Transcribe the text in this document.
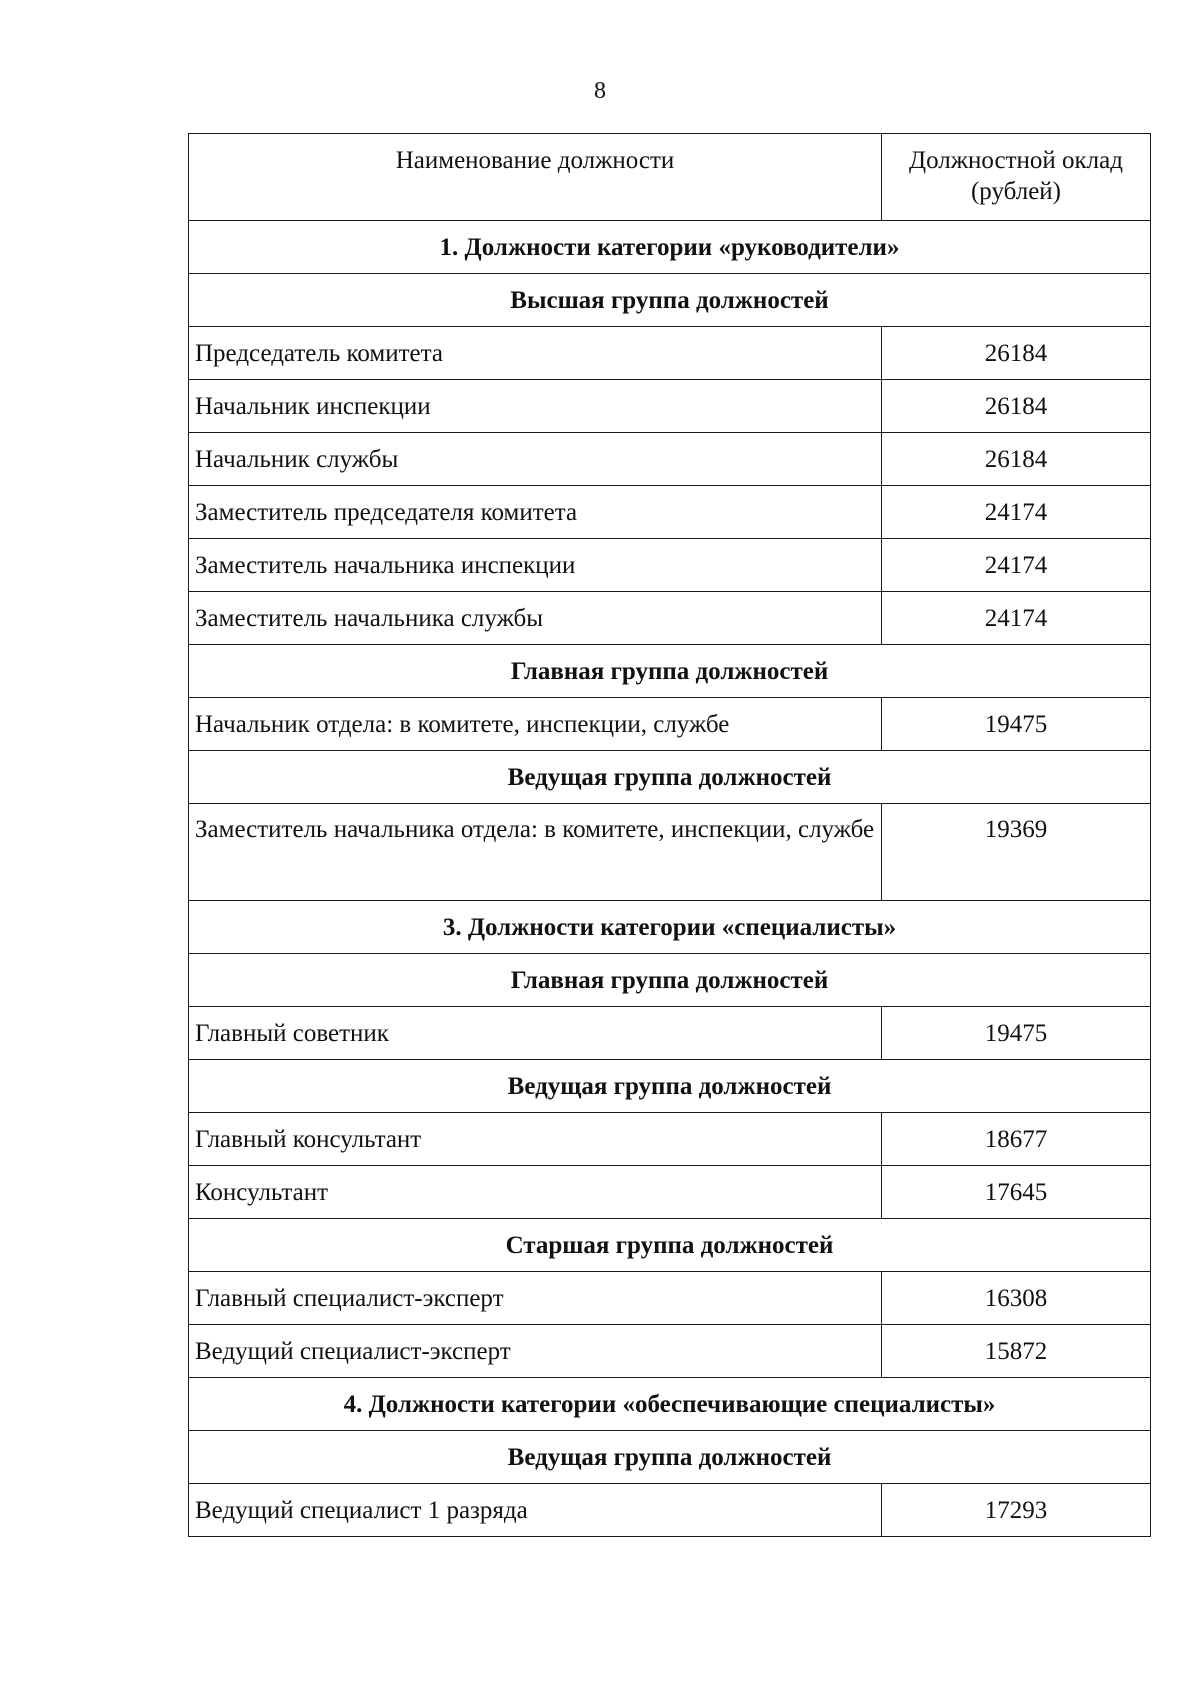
8
Наименование должности	Должностной оклад (рублей)
1. Должности категории «руководители»	
Высшая группа должностей	
Председатель комитета	26184
Начальник инспекции	26184
Начальник службы	26184
Заместитель председателя комитета	24174
Заместитель начальника инспекции	24174
Заместитель начальника службы	24174
Главная группа должностей	
Начальник отдела: в комитете, инспекции, службе	19475
Ведущая группа должностей	
Заместитель начальника отдела: в комитете, инспекции, службе	19369
3. Должности категории «специалисты»	
Главная группа должностей	
Главный советник	19475
Ведущая группа должностей	
Главный консультант	18677
Консультант	17645
Старшая группа должностей	
Главный специалист-эксперт	16308
Ведущий специалист-эксперт	15872
4. Должности категории «обеспечивающие специалисты»	
Ведущая группа должностей	
Ведущий специалист 1 разряда	17293
